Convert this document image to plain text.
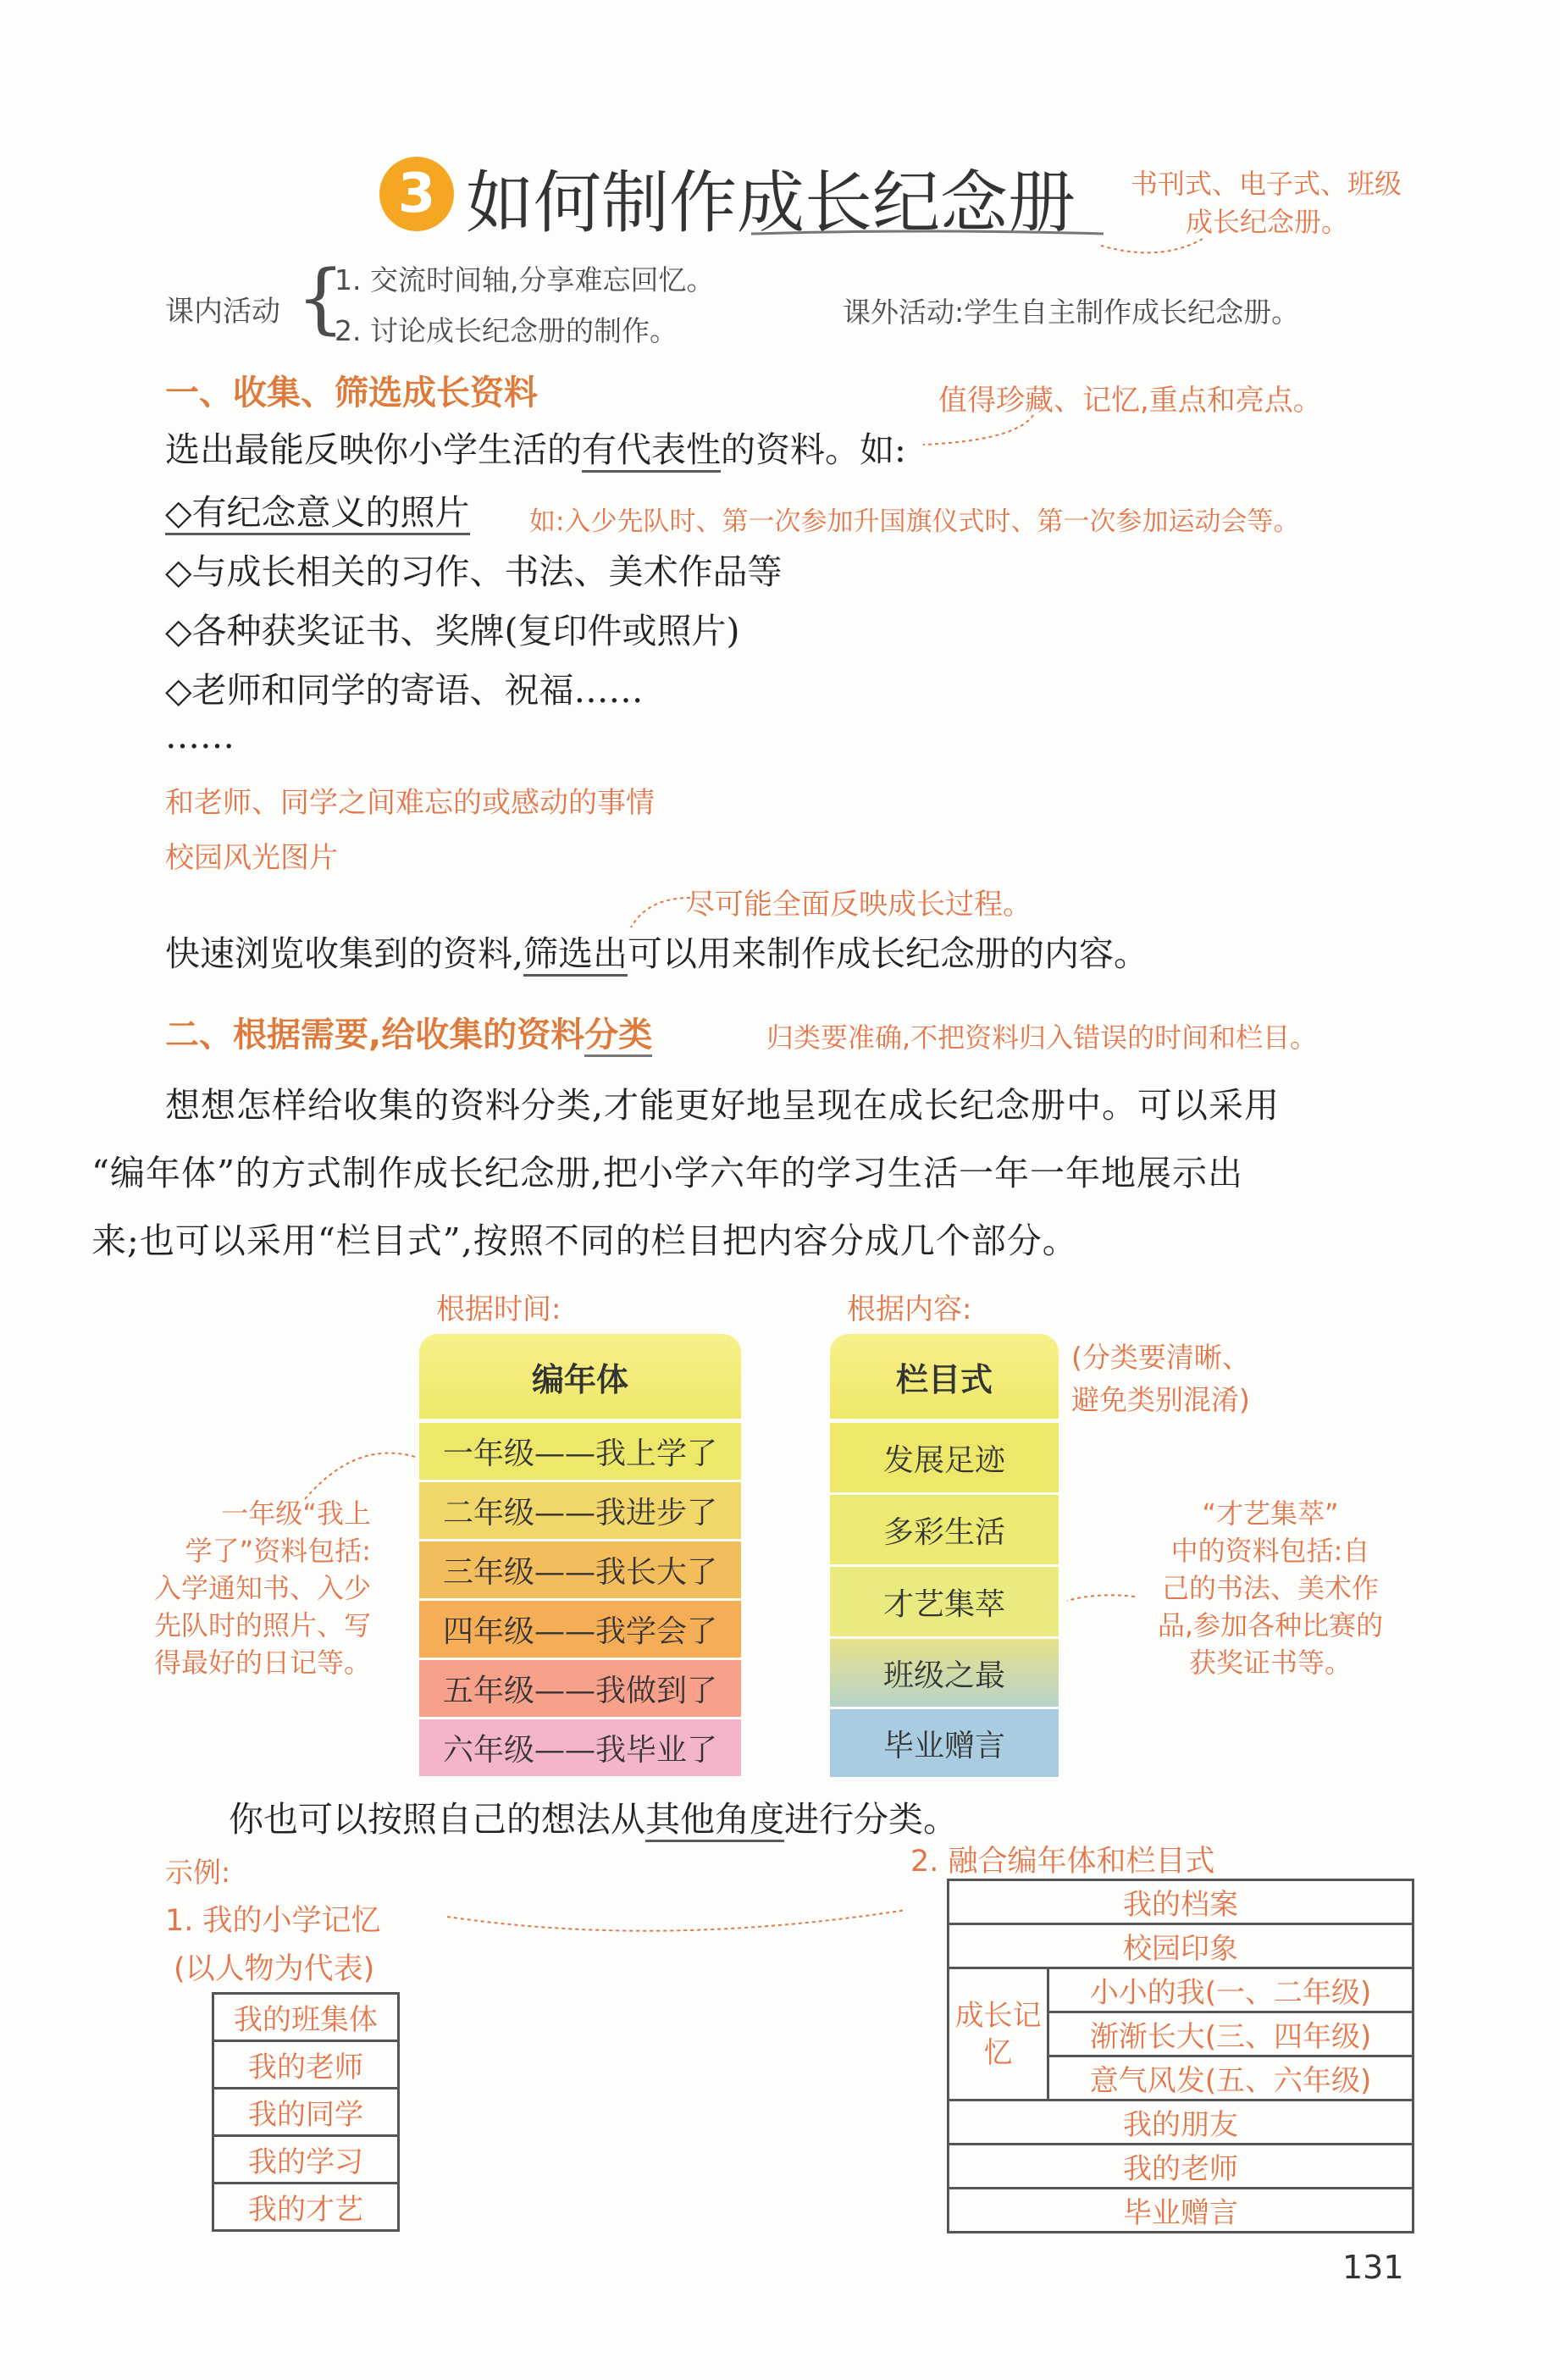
3 如何制作成长纪念册 书刊式、电子式、班级
成长纪念册。
课内活动 {
1. 交流时间轴,分享难忘回忆。
2. 讨论成长纪念册的制作。
课外活动:学生自主制作成长纪念册。
一、收集、筛选成长资料	值得珍藏、记忆,重点和亮点。
选出最能反映你小学生活的有代表性的资料。如:
◇有纪念意义的照片 如:入少先队时、第一次参加升国旗仪式时、第一次参加运动会等。
◇与成长相关的习作、书法、美术作品等
◇各种获奖证书、奖牌(复印件或照片)
◇老师和同学的寄语、祝福……
……
和老师、同学之间难忘的或感动的事情
校园风光图片
尽可能全面反映成长过程。
快速浏览收集到的资料,筛选出可以用来制作成长纪念册的内容。
二、根据需要,给收集的资料分类	归类要准确,不把资料归入错误的时间和栏目。
想想怎样给收集的资料分类,才能更好地呈现在成长纪念册中。可以采用
“编年体”的方式制作成长纪念册,把小学六年的学习生活一年一年地展示出
来;也可以采用“栏目式”,按照不同的栏目把内容分成几个部分。
根据时间:	根据内容:
(分类要清晰、
避免类别混淆)
编年体
一年级——我上学了
二年级——我进步了
三年级——我长大了
四年级——我学会了
五年级——我做到了
六年级——我毕业了
栏目式
发展足迹
多彩生活
才艺集萃
班级之最
毕业赠言
一年级“我上
学了”资料包括:
入学通知书、入少
先队时的照片、写
得最好的日记等。
“才艺集萃”
中的资料包括:自
己的书法、美术作
品,参加各种比赛的
获奖证书等。
你也可以按照自己的想法从其他角度进行分类。
示例:
1. 我的小学记忆
(以人物为代表)
2. 融合编年体和栏目式
我的班集体
我的老师
我的同学
我的学习
我的才艺
我的档案
校园印象
成长记忆	小小的我(一、二年级)
渐渐长大(三、四年级)
意气风发(五、六年级)
我的朋友
我的老师
毕业赠言
131
